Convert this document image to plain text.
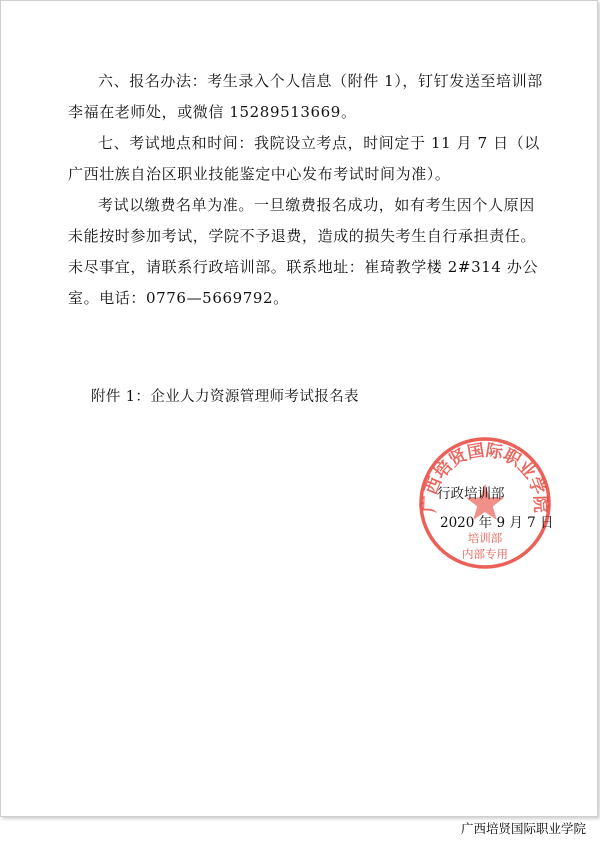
六、报名办法：考生录入个人信息（附件 1），钉钉发送至培训部李福在老师处，或微信 15289513669。

七、考试地点和时间：我院设立考点，时间定于 11 月 7 日（以广西壮族自治区职业技能鉴定中心发布考试时间为准）。

考试以缴费名单为准。一旦缴费报名成功，如有考生因个人原因未能按时参加考试，学院不予退费，造成的损失考生自行承担责任。未尽事宜，请联系行政培训部。联系地址：崔琦教学楼 2#314 办公室。电话：0776—5669792。

附件 1：企业人力资源管理师考试报名表
广西培贤国际职业学院
培训部
内部专用
行政培训部
2020 年 9 月 7 日
广西培贤国际职业学院
